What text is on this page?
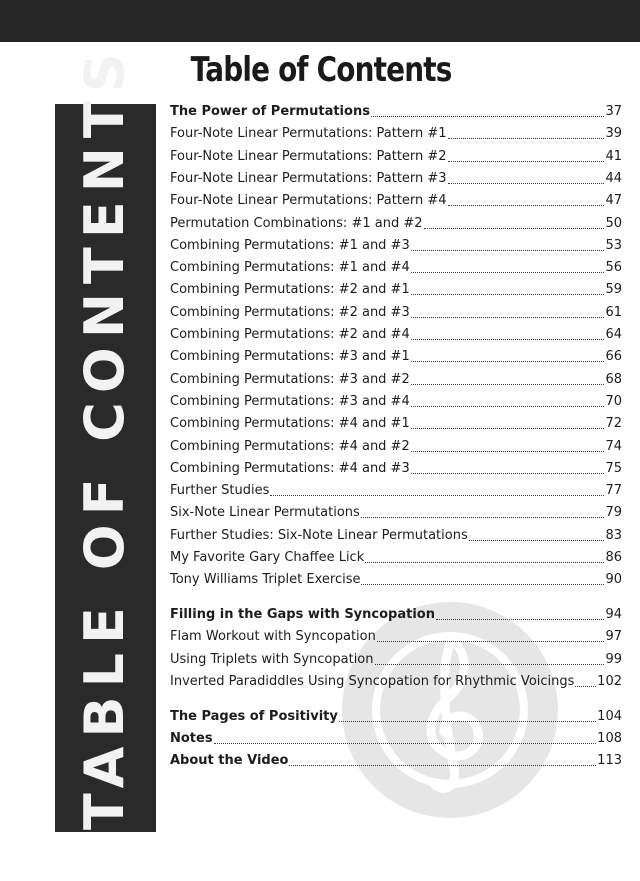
Table of Contents
TABLE OF CONTENTS	The Power of Permutations	37
Four-Note Linear Permutations: Pattern #1	39
Four-Note Linear Permutations: Pattern #2	41
Four-Note Linear Permutations: Pattern #3	44
Four-Note Linear Permutations: Pattern #4	47
Permutation Combinations: #1 and #2	50
Combining Permutations: #1 and #3	53
Combining Permutations: #1 and #4	56
Combining Permutations: #2 and #1	59
Combining Permutations: #2 and #3	61
Combining Permutations: #2 and #4	64
Combining Permutations: #3 and #1	66
Combining Permutations: #3 and #2	68
Combining Permutations: #3 and #4	70
Combining Permutations: #4 and #1	72
Combining Permutations: #4 and #2	74
Combining Permutations: #4 and #3	75
Further Studies	77
Six-Note Linear Permutations	79
Further Studies: Six-Note Linear Permutations	83
My Favorite Gary Chaffee Lick	86
Tony Williams Triplet Exercise	90
Filling in the Gaps with Syncopation	94
Flam Workout with Syncopation	97
Using Triplets with Syncopation	99
Inverted Paradiddles Using Syncopation for Rhythmic Voicings 102
The Pages of Positivity	104
Notes	108
About the Video	113
